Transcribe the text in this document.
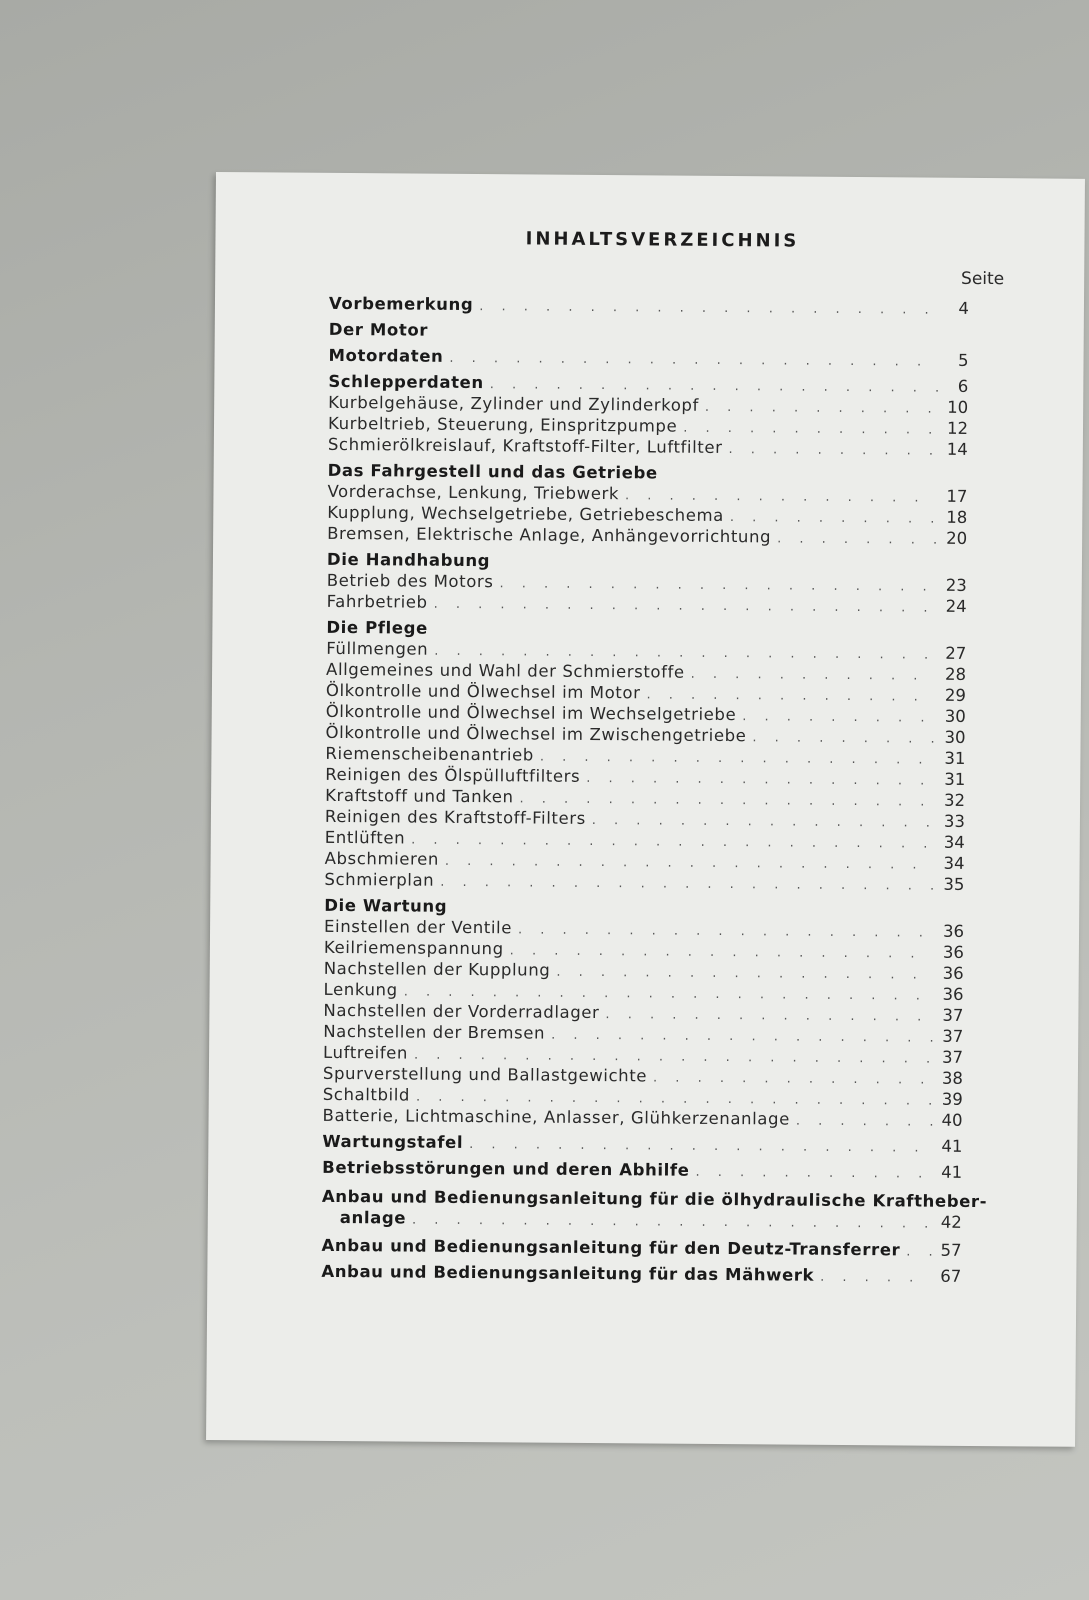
INHALTSVERZEICHNIS
Seite
Vorbemerkung . . .	4
Der Motor
Motordaten . . .	5
Schlepperdaten . . .	6
Kurbelgehäuse, Zylinder und Zylinderkopf . . .	10
Kurbeltrieb, Steuerung, Einspritzpumpe . . .	12
Schmierölkreislauf, Kraftstoff-Filter, Luftfilter . . .	14
Das Fahrgestell und das Getriebe
Vorderachse, Lenkung, Triebwerk . . .	17
Kupplung, Wechselgetriebe, Getriebeschema . . .	18
Bremsen, Elektrische Anlage, Anhängevorrichtung . . .	20
Die Handhabung
Betrieb des Motors . . .	23
Fahrbetrieb . . .	24
Die Pflege
Füllmengen . . .	27
Allgemeines und Wahl der Schmierstoffe . . .	28
Ölkontrolle und Ölwechsel im Motor . . .	29
Ölkontrolle und Ölwechsel im Wechselgetriebe . . .	30
Ölkontrolle und Ölwechsel im Zwischengetriebe . . .	30
Riemenscheibenantrieb . . .	31
Reinigen des Ölspülluftfilters . . .	31
Kraftstoff und Tanken . . .	32
Reinigen des Kraftstoff-Filters . . .	33
Entlüften . . .	34
Abschmieren . . .	34
Schmierplan . . .	35
Die Wartung
Einstellen der Ventile . . .	36
Keilriemenspannung . . .	36
Nachstellen der Kupplung . . .	36
Lenkung . . .	36
Nachstellen der Vorderradlager . . .	37
Nachstellen der Bremsen . . .	37
Luftreifen . . .	37
Spurverstellung und Ballastgewichte . . .	38
Schaltbild . . .	39
Batterie, Lichtmaschine, Anlasser, Glühkerzenanlage . . .	40
Wartungstafel . . .	41
Betriebsstörungen und deren Abhilfe . . .	41
Anbau und Bedienungsanleitung für die ölhydraulische Kraftheber-
anlage . . .	42
Anbau und Bedienungsanleitung für den Deutz-Transferrer . . . 57
Anbau und Bedienungsanleitung für das Mähwerk . . .	67
